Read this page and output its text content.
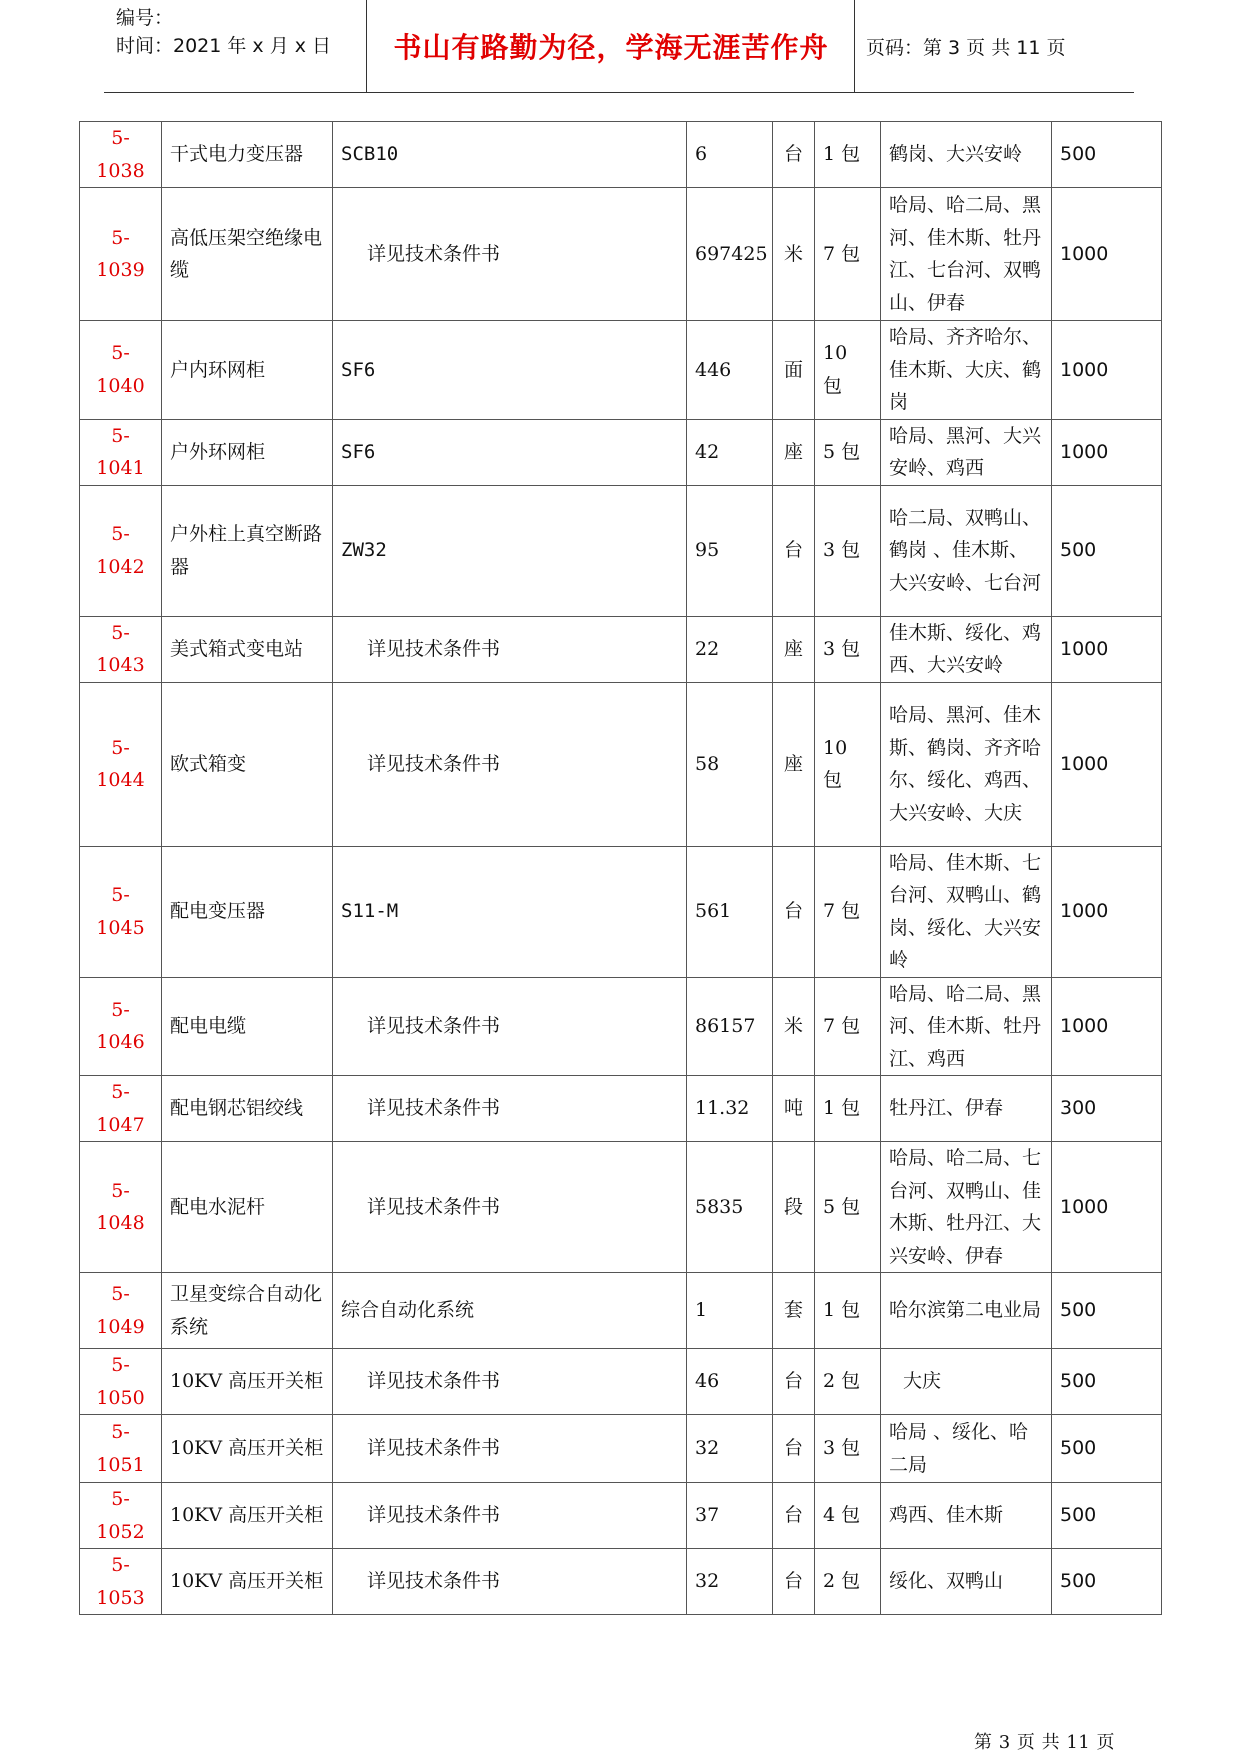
编号：
时间：2021 年 x 月 x 日	书山有路勤为径，学海无涯苦作舟	页码：第 3 页 共 11 页
5-1038	干式电力变压器	SCB10	6	台	1 包	鹤岗、大兴安岭	500
5-1039	高低压架空绝缘电缆	详见技术条件书	697425	米	7 包	哈局、哈二局、黑河、佳木斯、牡丹江、七台河、双鸭山、伊春	1000
5-1040	户内环网柜	SF6	446	面	10 包	哈局、齐齐哈尔、佳木斯、大庆、鹤岗	1000
5-1041	户外环网柜	SF6	42	座	5 包	哈局、黑河、大兴安岭、鸡西	1000
5-1042	户外柱上真空断路器	ZW32	95	台	3 包	哈二局、双鸭山、鹤岗 、佳木斯、大兴安岭、七台河	500
5-1043	美式箱式变电站	详见技术条件书	22	座	3 包	佳木斯、绥化、鸡西、大兴安岭	1000
5-1044	欧式箱变	详见技术条件书	58	座	10 包	哈局、黑河、佳木斯、鹤岗、齐齐哈尔、绥化、鸡西、大兴安岭、大庆	1000
5-1045	配电变压器	S11-M	561	台	7 包	哈局、佳木斯、七台河、双鸭山、鹤岗、绥化、大兴安岭	1000
5-1046	配电电缆	详见技术条件书	86157	米	7 包	哈局、哈二局、黑河、佳木斯、牡丹江、鸡西	1000
5-1047	配电钢芯铝绞线	详见技术条件书	11.32	吨	1 包	牡丹江、伊春	300
5-1048	配电水泥杆	详见技术条件书	5835	段	5 包	哈局、哈二局、七台河、双鸭山、佳木斯、牡丹江、大兴安岭、伊春	1000
5-1049	卫星变综合自动化系统	综合自动化系统	1	套	1 包	哈尔滨第二电业局	500
5-1050	10KV 高压开关柜	详见技术条件书	46	台	2 包	大庆	500
5-1051	10KV 高压开关柜	详见技术条件书	32	台	3 包	哈局 、绥化、哈二局	500
5-1052	10KV 高压开关柜	详见技术条件书	37	台	4 包	鸡西、佳木斯	500
5-1053	10KV 高压开关柜	详见技术条件书	32	台	2 包	绥化、双鸭山	500
第 3 页 共 11 页
